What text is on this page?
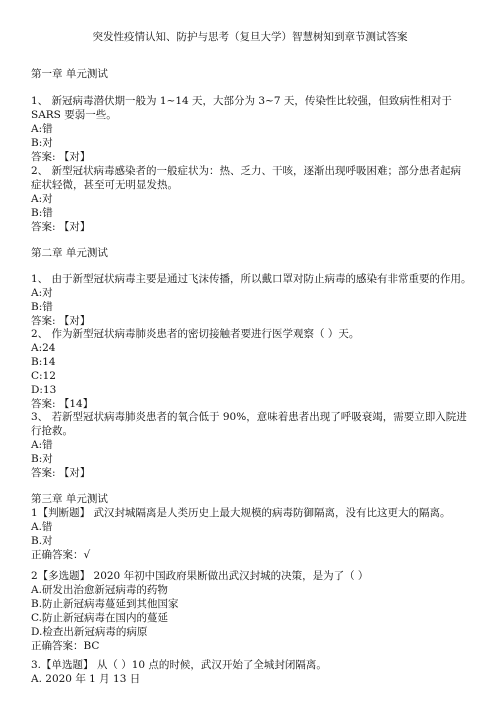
突发性疫情认知、防护与思考（复旦大学）智慧树知到章节测试答案
第一章 单元测试
1、 新冠病毒潜伏期一般为 1~14 天，大部分为 3~7 天，传染性比较强，但致病性相对于 SARS 要弱一些。
A:错
B:对
答案: 【对】
2、 新型冠状病毒感染者的一般症状为：热、乏力、干咳，逐渐出现呼吸困难；部分患者起病症状轻微，甚至可无明显发热。
A:对
B:错
答案: 【对】
第二章 单元测试
1、 由于新型冠状病毒主要是通过飞沫传播，所以戴口罩对防止病毒的感染有非常重要的作用。
A:对
B:错
答案: 【对】
2、 作为新型冠状病毒肺炎患者的密切接触者要进行医学观察（ ）天。
A:24
B:14
C:12
D:13
答案: 【14】
3、 若新型冠状病毒肺炎患者的氧合低于 90%，意味着患者出现了呼吸衰竭，需要立即入院进行抢救。
A:错
B:对
答案: 【对】
第三章 单元测试
1【判断题】 武汉封城隔离是人类历史上最大规模的病毒防御隔离，没有比这更大的隔离。
A.错
B.对
正确答案：√
2【多选题】 2020 年初中国政府果断做出武汉封城的决策，是为了（ ）
A.研发出治愈新冠病毒的药物
B.防止新冠病毒蔓延到其他国家
C.防止新冠病毒在国内的蔓延
D.检查出新冠病毒的病原
正确答案：BC
3.【单选题】 从（ ）10 点的时候，武汉开始了全城封闭隔离。
A. 2020 年 1 月 13 日
